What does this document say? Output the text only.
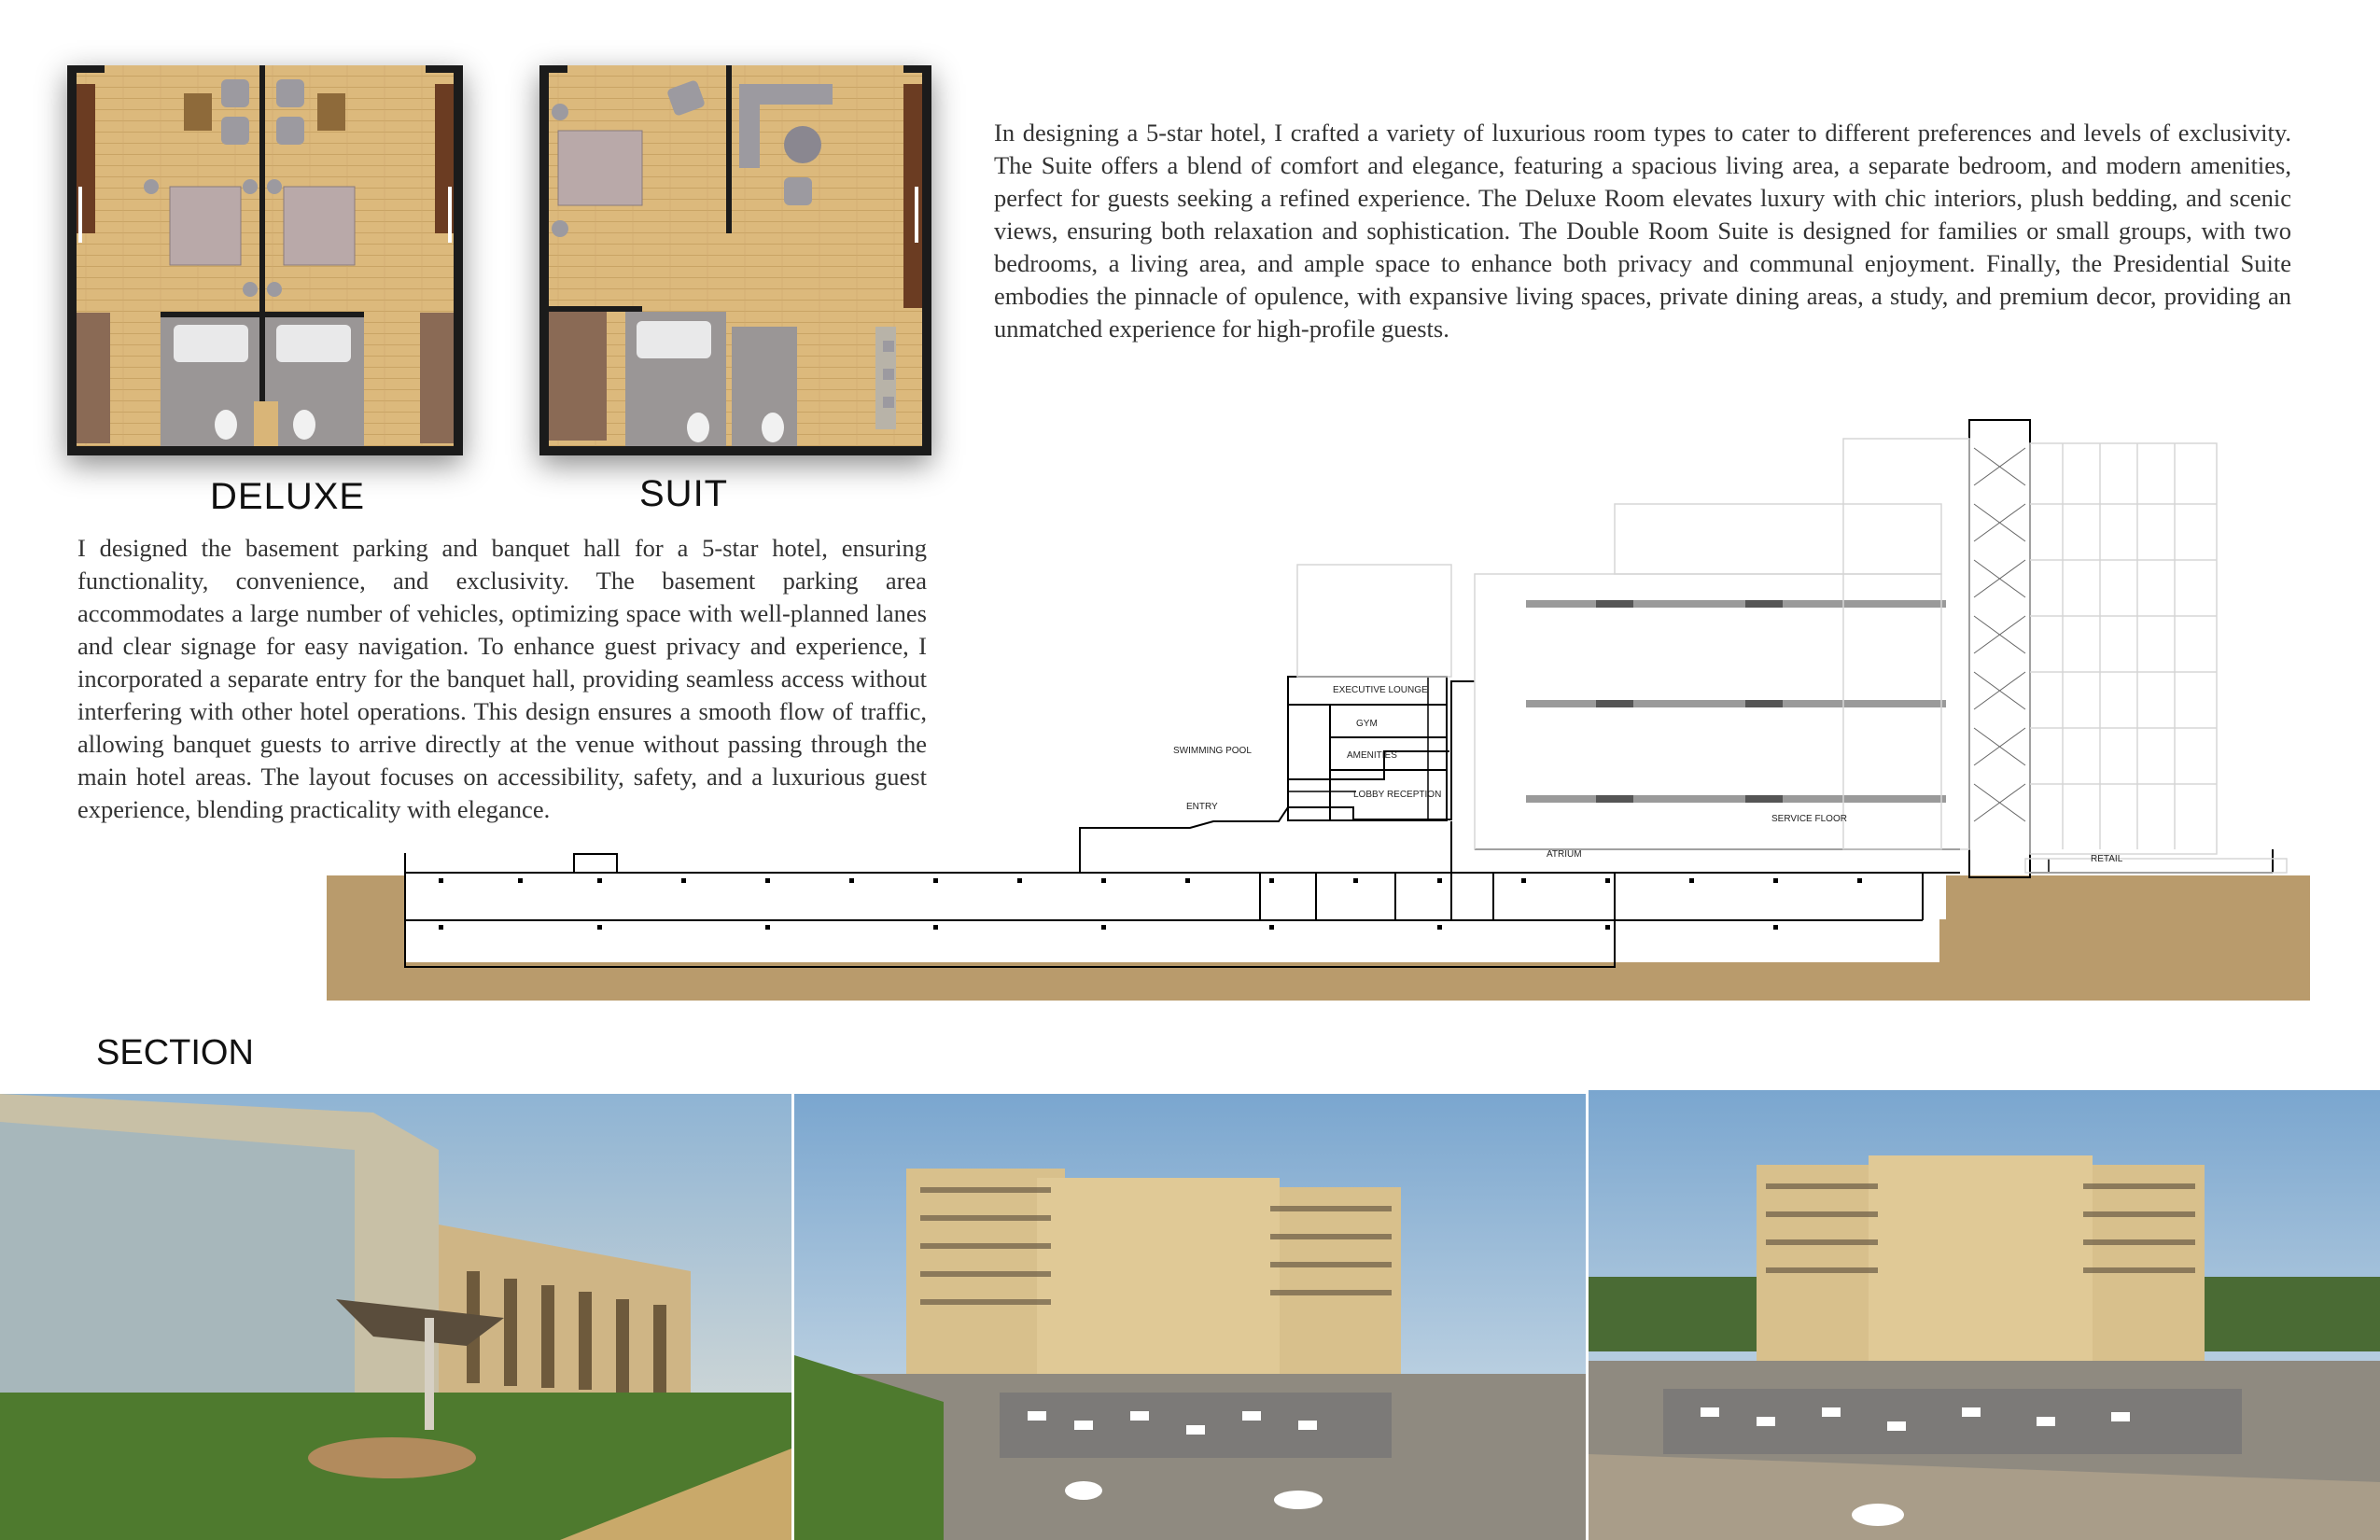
DELUXE	SUIT
In designing a 5-star hotel, I crafted a variety of luxurious room types to cater to different preferences and levels of exclusivity. The Suite offers a blend of comfort and elegance, featuring a spacious living area, a separate bedroom, and modern amenities, perfect for guests seeking a refined experience. The Deluxe Room elevates luxury with chic interiors, plush bedding, and scenic views, ensuring both relaxation and sophistication. The Double Room Suite is designed for families or small groups, with two bedrooms, a living area, and ample space to enhance both privacy and communal enjoyment. Finally, the Presidential Suite embodies the pinnacle of opulence, with expansive living spaces, private dining areas, a study, and premium decor, providing an unmatched experience for high-profile guests.
I designed the basement parking and banquet hall for a 5-star hotel, ensuring functionality, convenience, and exclusivity. The basement parking area accommodates a large number of vehicles, optimizing space with well-planned lanes and clear signage for easy navigation. To enhance guest privacy and experience, I incorporated a separate entry for the banquet hall, providing seamless access without interfering with other hotel operations. This design ensures a smooth flow of traffic, allowing banquet guests to arrive directly at the venue without passing through the main hotel areas. The layout focuses on accessibility, safety, and a luxurious guest experience, blending practicality with elegance.
EXECUTIVE LOUNGE
GYM
AMENITIES
SWIMMING POOL
LOBBY RECEPTION
ENTRY
SERVICE FLOOR
ATRIUM	RETAIL
SECTION
